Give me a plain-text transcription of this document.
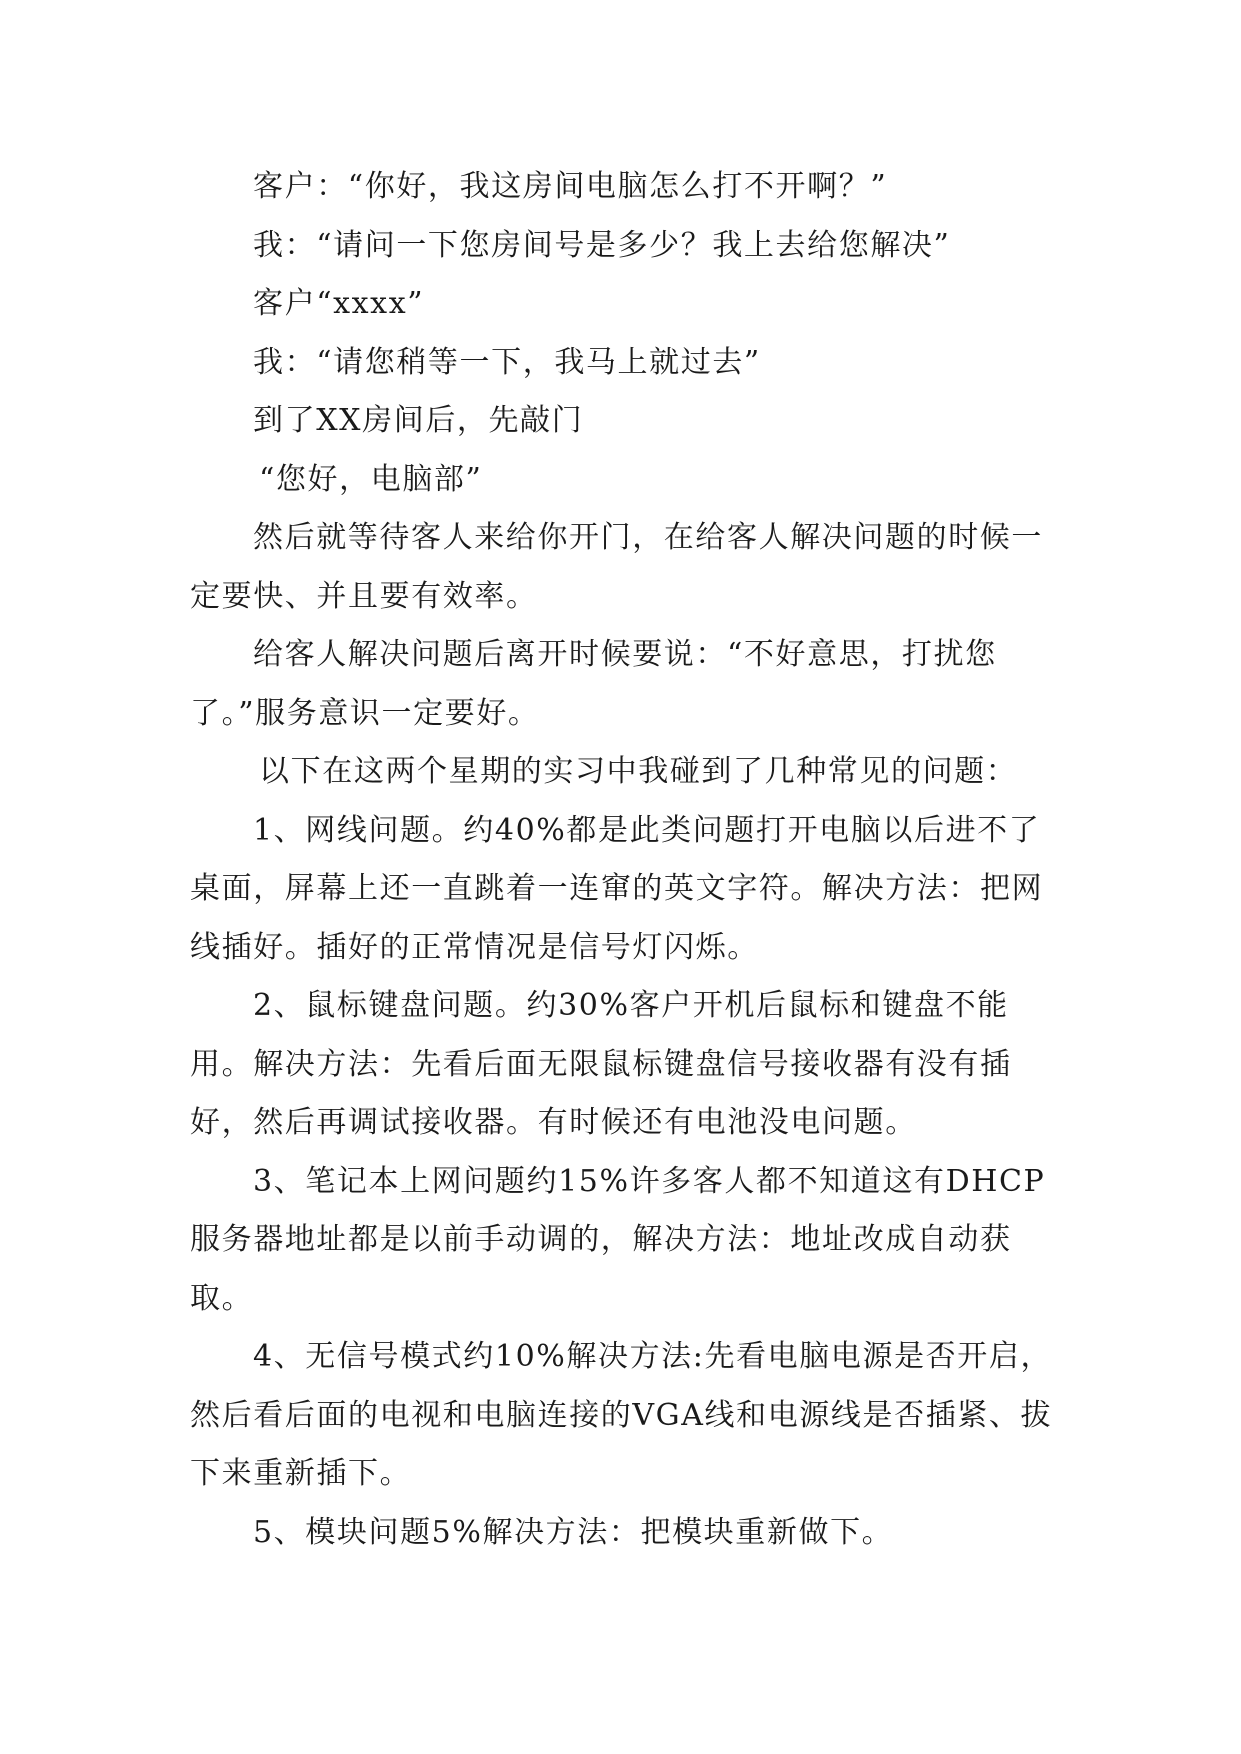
客户：“你好，我这房间电脑怎么打不开啊？”

我：“请问一下您房间号是多少？我上去给您解决”

客户“xxxx”

我：“请您稍等一下，我马上就过去”

到了XX房间后，先敲门

“您好，电脑部”

然后就等待客人来给你开门，在给客人解决问题的时候一定要快、并且要有效率。

给客人解决问题后离开时候要说：“不好意思，打扰您了。”服务意识一定要好。

以下在这两个星期的实习中我碰到了几种常见的问题：

1、网线问题。约40%都是此类问题打开电脑以后进不了桌面，屏幕上还一直跳着一连窜的英文字符。解决方法：把网线插好。插好的正常情况是信号灯闪烁。

2、鼠标键盘问题。约30%客户开机后鼠标和键盘不能用。解决方法：先看后面无限鼠标键盘信号接收器有没有插好，然后再调试接收器。有时候还有电池没电问题。

3、笔记本上网问题约15%许多客人都不知道这有DHCP服务器地址都是以前手动调的，解决方法：地址改成自动获取。

4、无信号模式约10%解决方法:先看电脑电源是否开启，然后看后面的电视和电脑连接的VGA线和电源线是否插紧、拔下来重新插下。

5、模块问题5%解决方法：把模块重新做下。
